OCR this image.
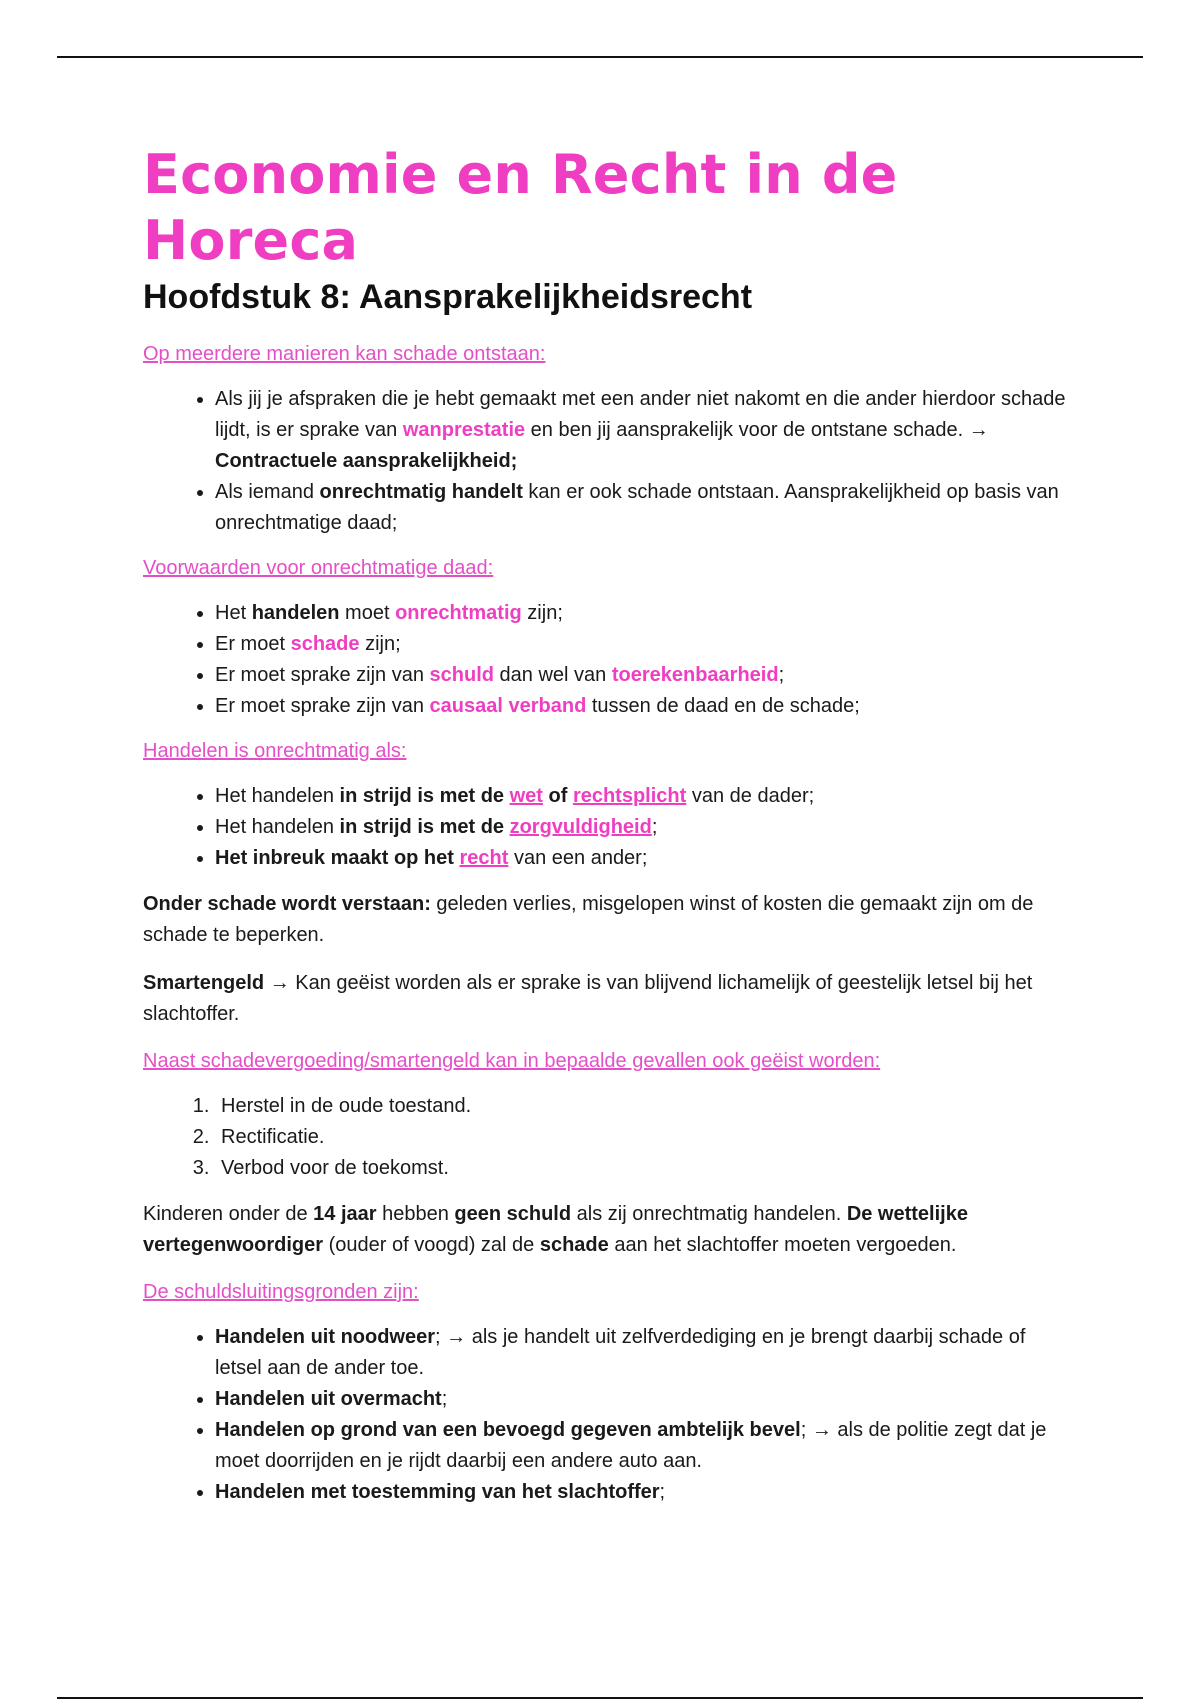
Economie en Recht in de Horeca
Hoofdstuk 8: Aansprakelijkheidsrecht

Op meerdere manieren kan schade ontstaan:

• Als jij je afspraken die je hebt gemaakt met een ander niet nakomt en die ander hierdoor schade lijdt, is er sprake van wanprestatie en ben jij aansprakelijk voor de ontstane schade. → Contractuele aansprakelijkheid;
• Als iemand onrechtmatig handelt kan er ook schade ontstaan. Aansprakelijkheid op basis van onrechtmatige daad;

Voorwaarden voor onrechtmatige daad:

• Het handelen moet onrechtmatig zijn;
• Er moet schade zijn;
• Er moet sprake zijn van schuld dan wel van toerekenbaarheid;
• Er moet sprake zijn van causaal verband tussen de daad en de schade;

Handelen is onrechtmatig als:

• Het handelen in strijd is met de wet of rechtsplicht van de dader;
• Het handelen in strijd is met de zorgvuldigheid;
• Het inbreuk maakt op het recht van een ander;

Onder schade wordt verstaan: geleden verlies, misgelopen winst of kosten die gemaakt zijn om de schade te beperken.

Smartengeld → Kan geëist worden als er sprake is van blijvend lichamelijk of geestelijk letsel bij het slachtoffer.

Naast schadevergoeding/smartengeld kan in bepaalde gevallen ook geëist worden:

1. Herstel in de oude toestand.
2. Rectificatie.
3. Verbod voor de toekomst.

Kinderen onder de 14 jaar hebben geen schuld als zij onrechtmatig handelen. De wettelijke vertegenwoordiger (ouder of voogd) zal de schade aan het slachtoffer moeten vergoeden.

De schuldsluitingsgronden zijn:

• Handelen uit noodweer; → als je handelt uit zelfverdediging en je brengt daarbij schade of letsel aan de ander toe.
• Handelen uit overmacht;
• Handelen op grond van een bevoegd gegeven ambtelijk bevel; → als de politie zegt dat je moet doorrijden en je rijdt daarbij een andere auto aan.
• Handelen met toestemming van het slachtoffer;
